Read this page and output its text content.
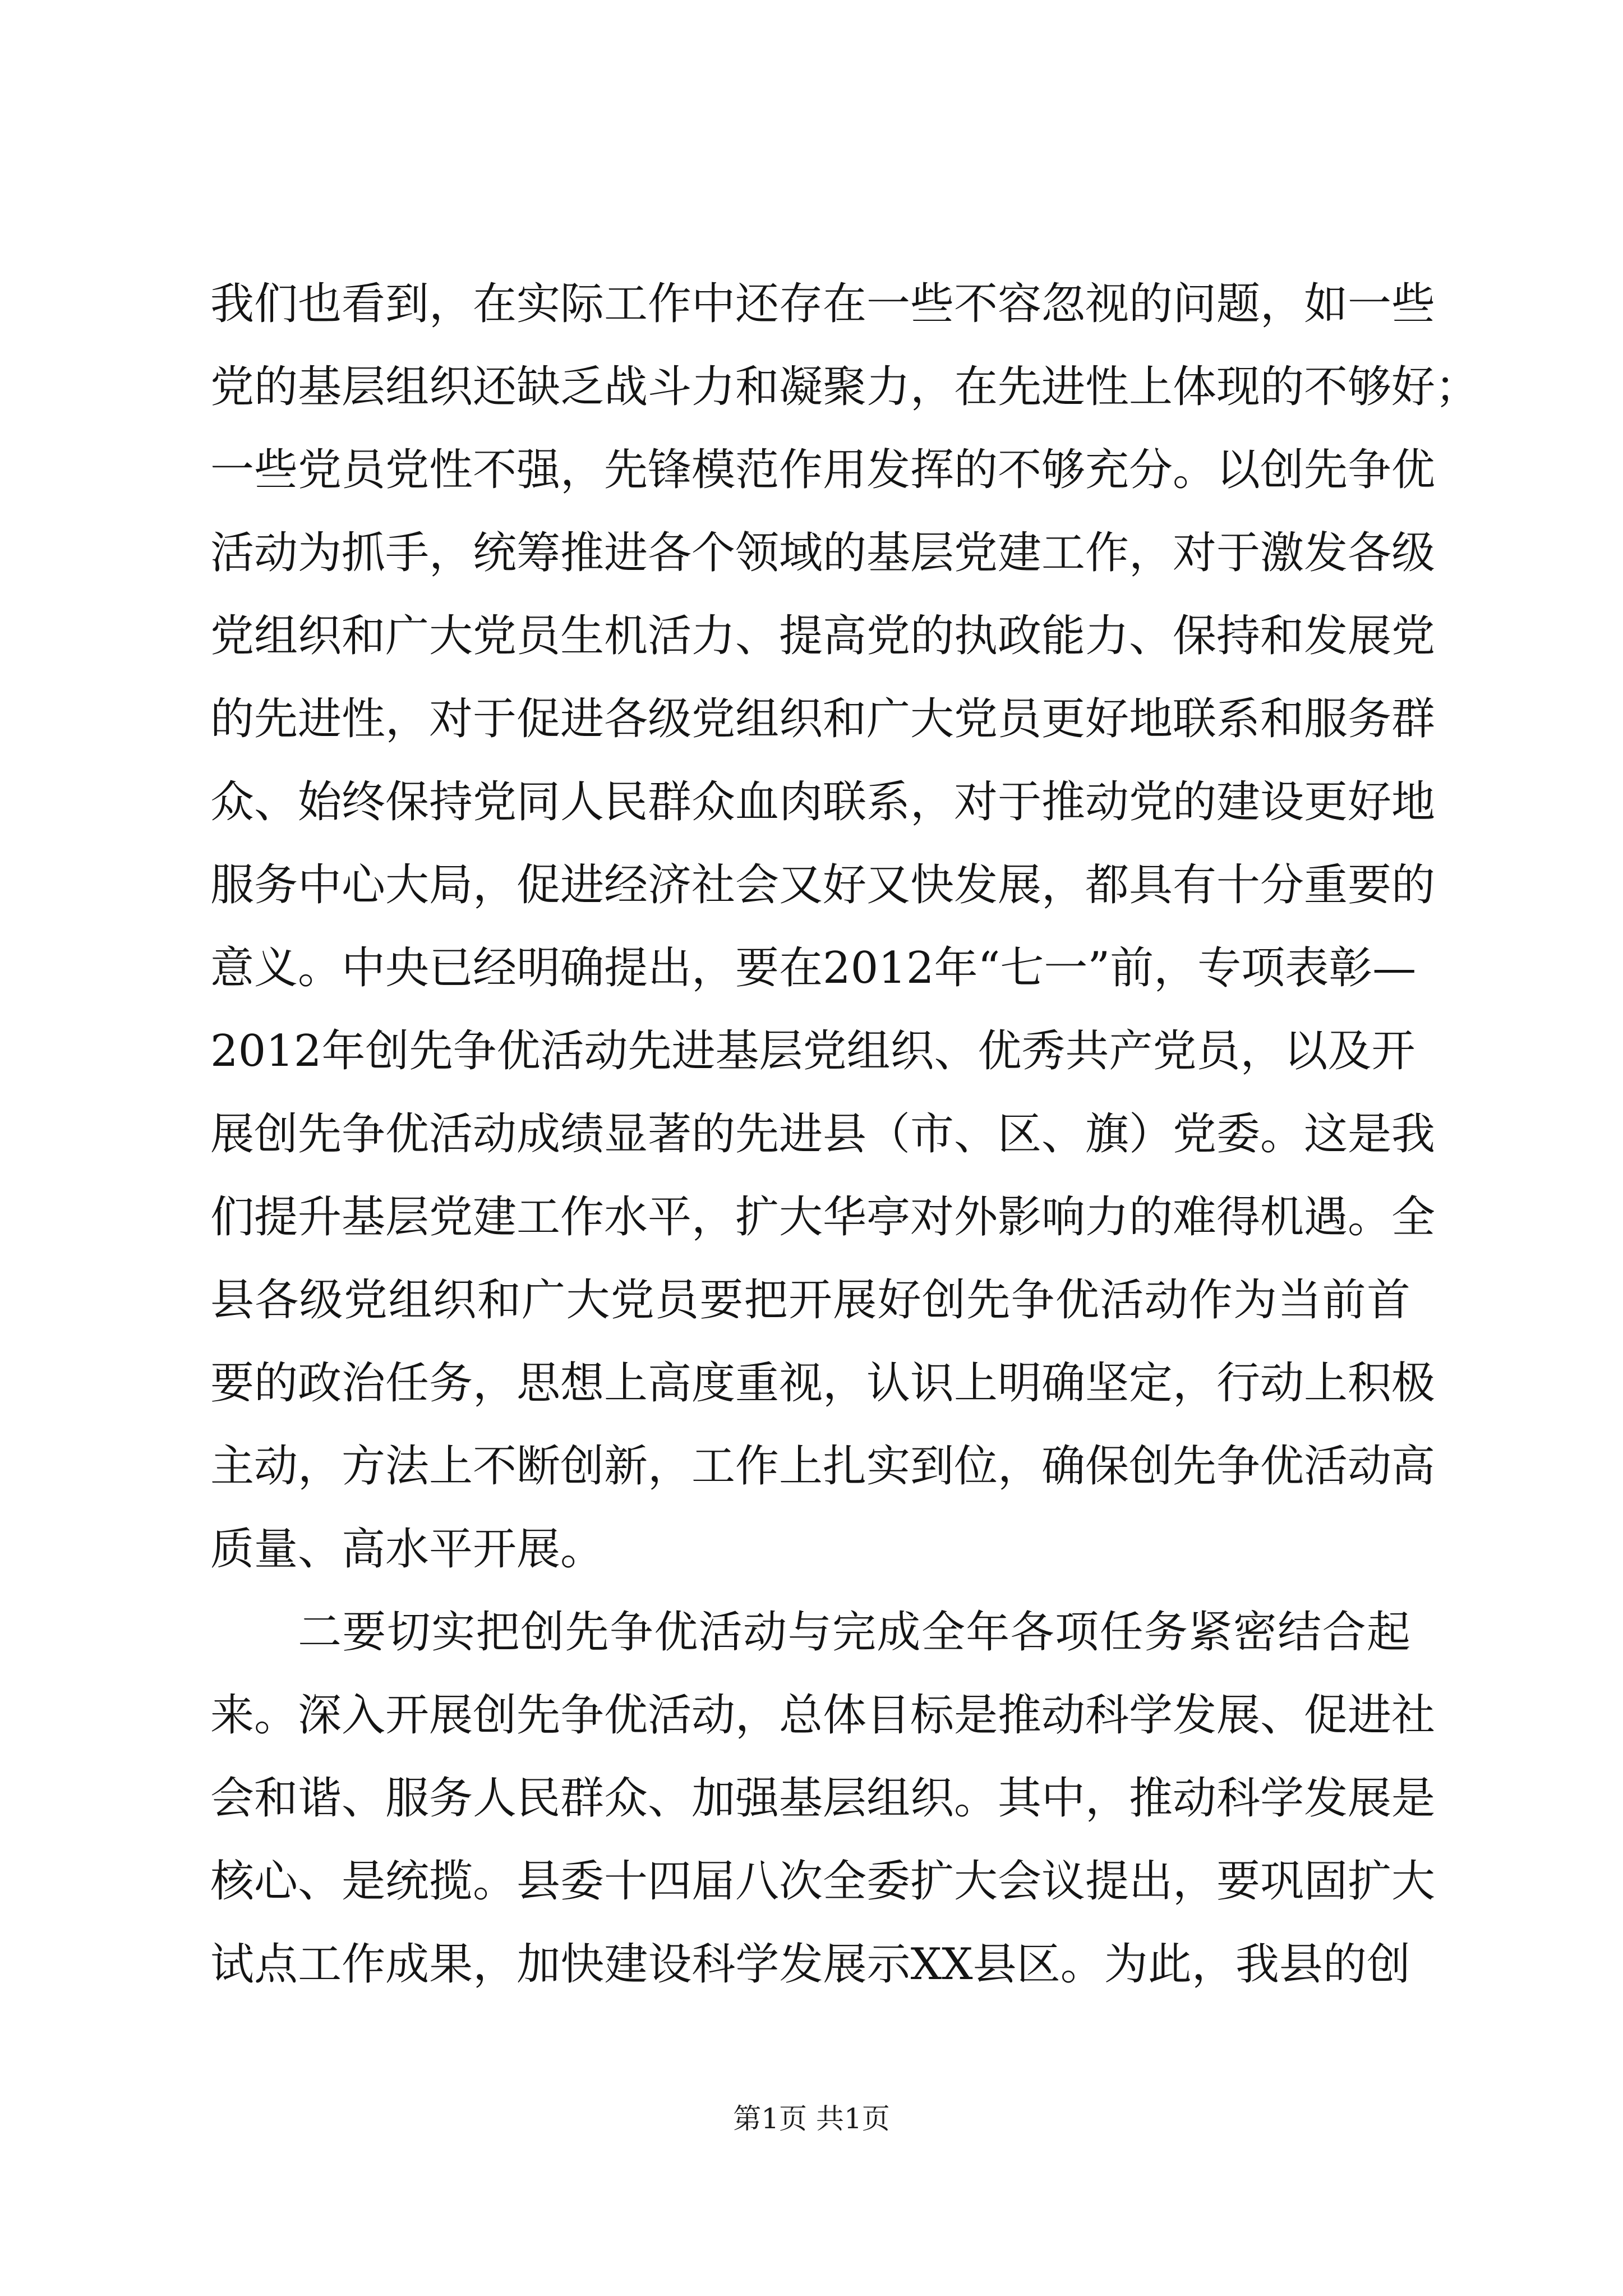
我们也看到，在实际工作中还存在一些不容忽视的问题，如一些
党的基层组织还缺乏战斗力和凝聚力，在先进性上体现的不够好；
一些党员党性不强，先锋模范作用发挥的不够充分。以创先争优
活动为抓手，统筹推进各个领域的基层党建工作，对于激发各级
党组织和广大党员生机活力、提高党的执政能力、保持和发展党
的先进性，对于促进各级党组织和广大党员更好地联系和服务群
众、始终保持党同人民群众血肉联系，对于推动党的建设更好地
服务中心大局，促进经济社会又好又快发展，都具有十分重要的
意义。中央已经明确提出，要在2012年“七一”前，专项表彰—
2012年创先争优活动先进基层党组织、优秀共产党员，以及开
展创先争优活动成绩显著的先进县（市、区、旗）党委。这是我
们提升基层党建工作水平，扩大华亭对外影响力的难得机遇。全
县各级党组织和广大党员要把开展好创先争优活动作为当前首
要的政治任务，思想上高度重视，认识上明确坚定，行动上积极
主动，方法上不断创新，工作上扎实到位，确保创先争优活动高
质量、高水平开展。
二要切实把创先争优活动与完成全年各项任务紧密结合起
来。深入开展创先争优活动，总体目标是推动科学发展、促进社
会和谐、服务人民群众、加强基层组织。其中，推动科学发展是
核心、是统揽。县委十四届八次全委扩大会议提出，要巩固扩大
试点工作成果，加快建设科学发展示XX县区。为此，我县的创
第1页 共1页
